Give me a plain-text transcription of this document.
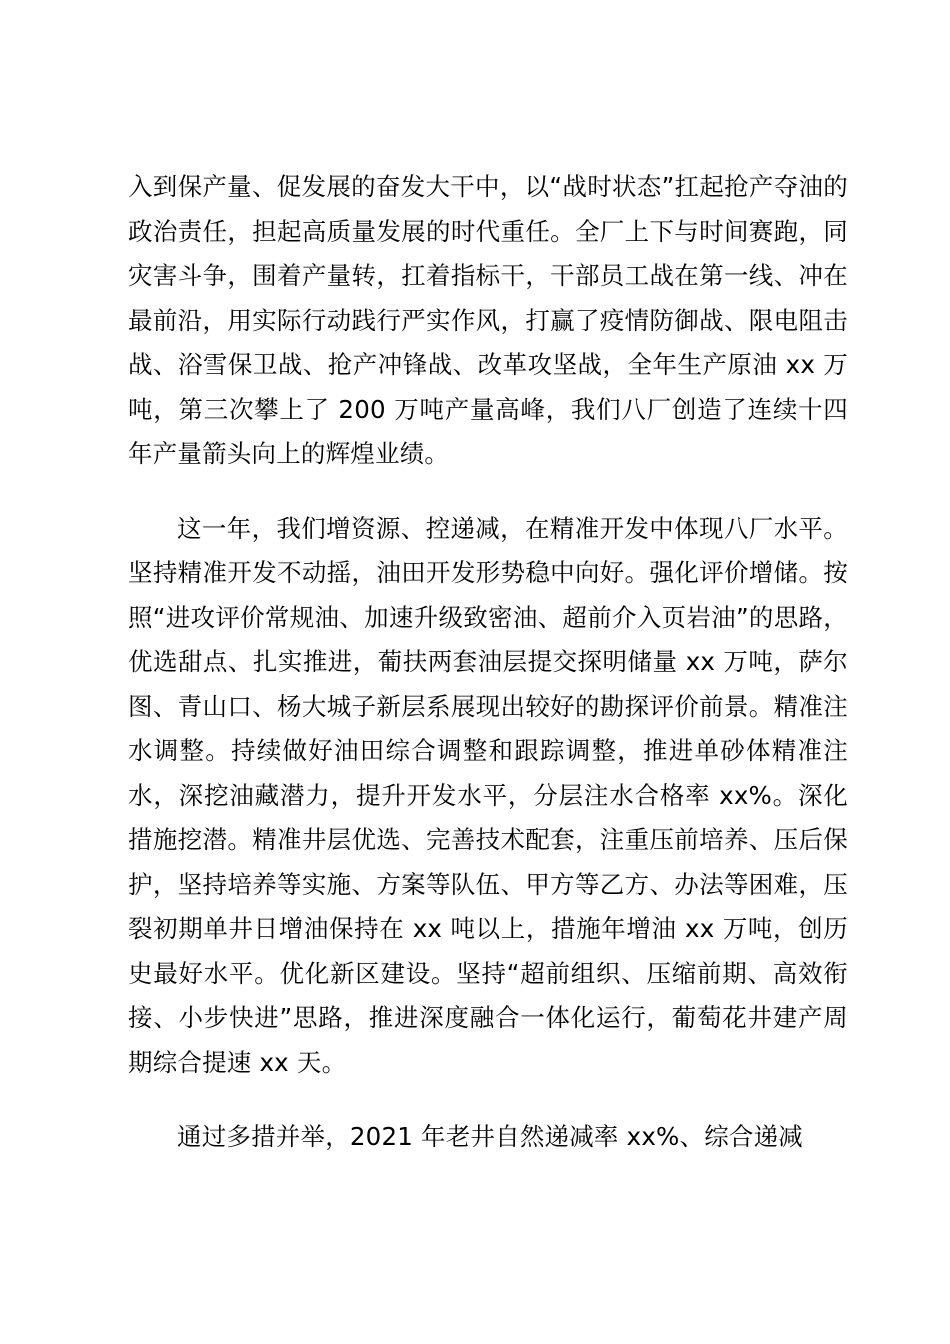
入到保产量、促发展的奋发大干中，以“战时状态”扛起抢产夺油的政治责任，担起高质量发展的时代重任。全厂上下与时间赛跑，同灾害斗争，围着产量转，扛着指标干，干部员工战在第一线、冲在最前沿，用实际行动践行严实作风，打赢了疫情防御战、限电阻击战、浴雪保卫战、抢产冲锋战、改革攻坚战，全年生产原油 xx 万吨，第三次攀上了 200 万吨产量高峰，我们八厂创造了连续十四年产量箭头向上的辉煌业绩。

这一年，我们增资源、控递减，在精准开发中体现八厂水平。坚持精准开发不动摇，油田开发形势稳中向好。强化评价增储。按照“进攻评价常规油、加速升级致密油、超前介入页岩油”的思路，优选甜点、扎实推进，葡扶两套油层提交探明储量 xx 万吨，萨尔图、青山口、杨大城子新层系展现出较好的勘探评价前景。精准注水调整。持续做好油田综合调整和跟踪调整，推进单砂体精准注水，深挖油藏潜力，提升开发水平，分层注水合格率 xx%。深化措施挖潜。精准井层优选、完善技术配套，注重压前培养、压后保护，坚持培养等实施、方案等队伍、甲方等乙方、办法等困难，压裂初期单井日增油保持在 xx 吨以上，措施年增油 xx 万吨，创历史最好水平。优化新区建设。坚持“超前组织、压缩前期、高效衔接、小步快进”思路，推进深度融合一体化运行，葡萄花井建产周期综合提速 xx 天。

通过多措并举，2021 年老井自然递减率 xx%、综合递减
